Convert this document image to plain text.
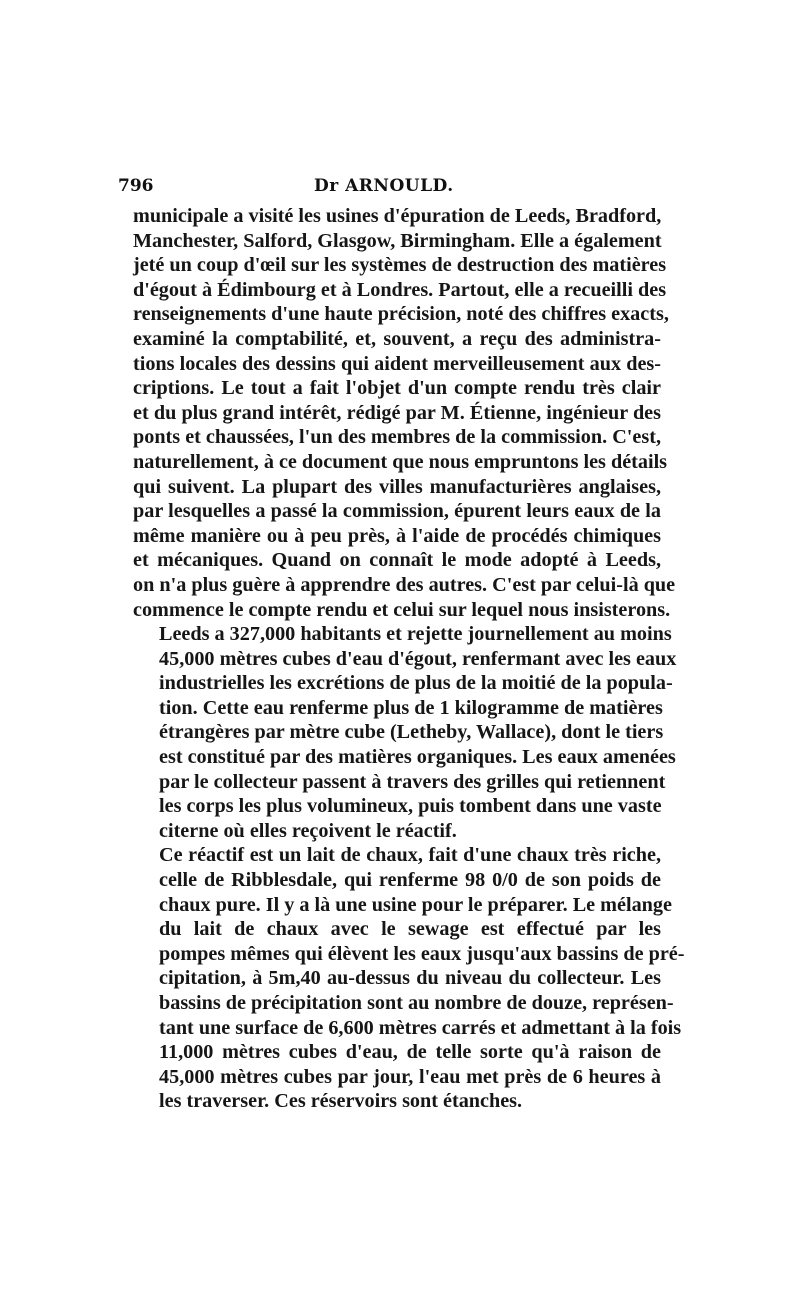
796	Dr ARNOULD.

municipale a visité les usines d'épuration de Leeds, Bradford,
Manchester, Salford, Glasgow, Birmingham. Elle a également
jeté un coup d'œil sur les systèmes de destruction des matières
d'égout à Édimbourg et à Londres. Partout, elle a recueilli des
renseignements d'une haute précision, noté des chiffres exacts,
examiné la comptabilité, et, souvent, a reçu des administra-
tions locales des dessins qui aident merveilleusement aux des-
criptions. Le tout a fait l'objet d'un compte rendu très clair
et du plus grand intérêt, rédigé par M. Étienne, ingénieur des
ponts et chaussées, l'un des membres de la commission. C'est,
naturellement, à ce document que nous empruntons les détails
qui suivent. La plupart des villes manufacturières anglaises,
par lesquelles a passé la commission, épurent leurs eaux de la
même manière ou à peu près, à l'aide de procédés chimiques
et mécaniques. Quand on connaît le mode adopté à Leeds,
on n'a plus guère à apprendre des autres. C'est par celui-là que
commence le compte rendu et celui sur lequel nous insisterons.

Leeds a 327,000 habitants et rejette journellement au moins
45,000 mètres cubes d'eau d'égout, renfermant avec les eaux
industrielles les excrétions de plus de la moitié de la popula-
tion. Cette eau renferme plus de 1 kilogramme de matières
étrangères par mètre cube (Letheby, Wallace), dont le tiers
est constitué par des matières organiques. Les eaux amenées
par le collecteur passent à travers des grilles qui retiennent
les corps les plus volumineux, puis tombent dans une vaste
citerne où elles reçoivent le réactif.

Ce réactif est un lait de chaux, fait d'une chaux très riche,
celle de Ribblesdale, qui renferme 98 0/0 de son poids de
chaux pure. Il y a là une usine pour le préparer. Le mélange
du lait de chaux avec le sewage est effectué par les
pompes mêmes qui élèvent les eaux jusqu'aux bassins de pré-
cipitation, à 5m,40 au-dessus du niveau du collecteur. Les
bassins de précipitation sont au nombre de douze, représen-
tant une surface de 6,600 mètres carrés et admettant à la fois
11,000 mètres cubes d'eau, de telle sorte qu'à raison de
45,000 mètres cubes par jour, l'eau met près de 6 heures à
les traverser. Ces réservoirs sont étanches.
